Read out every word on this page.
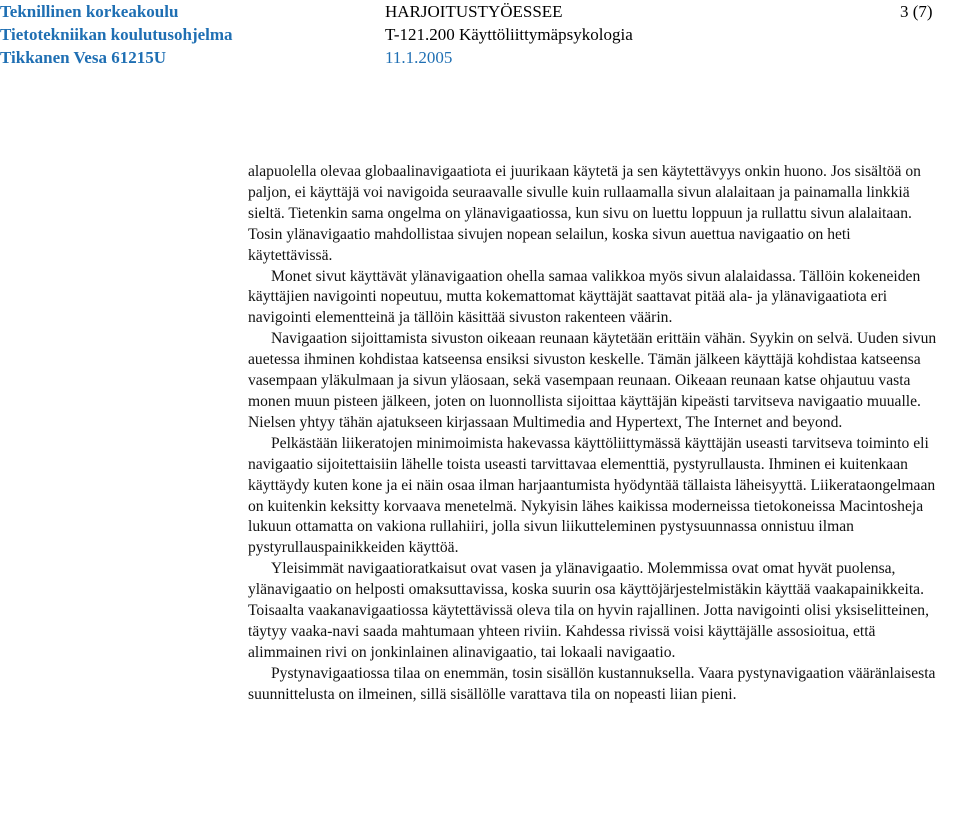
Teknillinen korkeakoulu
Tietotekniikan koulutusohjelma
Tikkanen Vesa 61215U
HARJOITUSTYÖESSEE
T-121.200 Käyttöliittymäpsykologia
11.1.2005
3 (7)

alapuolella olevaa globaalinavigaatiota ei juurikaan käytetä ja sen käytettävyys onkin huono. Jos sisältöä on paljon, ei käyttäjä voi navigoida seuraavalle sivulle kuin rullaamalla sivun alalaitaan ja painamalla linkkiä sieltä. Tietenkin sama ongelma on ylänavigaatiossa, kun sivu on luettu loppuun ja rullattu sivun alalaitaan. Tosin ylänavigaatio mahdollistaa sivujen nopean selailun, koska sivun auettua navigaatio on heti käytettävissä.

Monet sivut käyttävät ylänavigaation ohella samaa valikkoa myös sivun alalaidassa. Tällöin kokeneiden käyttäjien navigointi nopeutuu, mutta kokemattomat käyttäjät saattavat pitää ala- ja ylänavigaatiota eri navigointi elementteinä ja tällöin käsittää sivuston rakenteen väärin.

Navigaation sijoittamista sivuston oikeaan reunaan käytetään erittäin vähän. Syykin on selvä. Uuden sivun auetessa ihminen kohdistaa katseensa ensiksi sivuston keskelle. Tämän jälkeen käyttäjä kohdistaa katseensa vasempaan yläkulmaan ja sivun yläosaan, sekä vasempaan reunaan. Oikeaan reunaan katse ohjautuu vasta monen muun pisteen jälkeen, joten on luonnollista sijoittaa käyttäjän kipeästi tarvitseva navigaatio muualle. Nielsen yhtyy tähän ajatukseen kirjassaan Multimedia and Hypertext, The Internet and beyond.

Pelkästään liikeratojen minimoimista hakevassa käyttöliittymässä käyttäjän useasti tarvitseva toiminto eli navigaatio sijoitettaisiin lähelle toista useasti tarvittavaa elementtiä, pystyrullausta. Ihminen ei kuitenkaan käyttäydy kuten kone ja ei näin osaa ilman harjaantumista hyödyntää tällaista läheisyyttä. Liikerataongelmaan on kuitenkin keksitty korvaava menetelmä. Nykyisin lähes kaikissa moderneissa tietokoneissa Macintosheja lukuun ottamatta on vakiona rullahiiri, jolla sivun liikutteleminen pystysuunnassa onnistuu ilman pystyrullauspainikkeiden käyttöä.

Yleisimmät navigaatioratkaisut ovat vasen ja ylänavigaatio. Molemmissa ovat omat hyvät puolensa, ylänavigaatio on helposti omaksuttavissa, koska suurin osa käyttöjärjestelmistäkin käyttää vaakapainikkeita. Toisaalta vaakanavigaatiossa käytettävissä oleva tila on hyvin rajallinen. Jotta navigointi olisi yksiselitteinen, täytyy vaaka-navi saada mahtumaan yhteen riviin. Kahdessa rivissä voisi käyttäjälle assosioitua, että alimmainen rivi on jonkinlainen alinavigaatio, tai lokaali navigaatio.

Pystynavigaatiossa tilaa on enemmän, tosin sisällön kustannuksella. Vaara pystynavigaation vääränlaisesta suunnittelusta on ilmeinen, sillä sisällölle varattava tila on nopeasti liian pieni.
